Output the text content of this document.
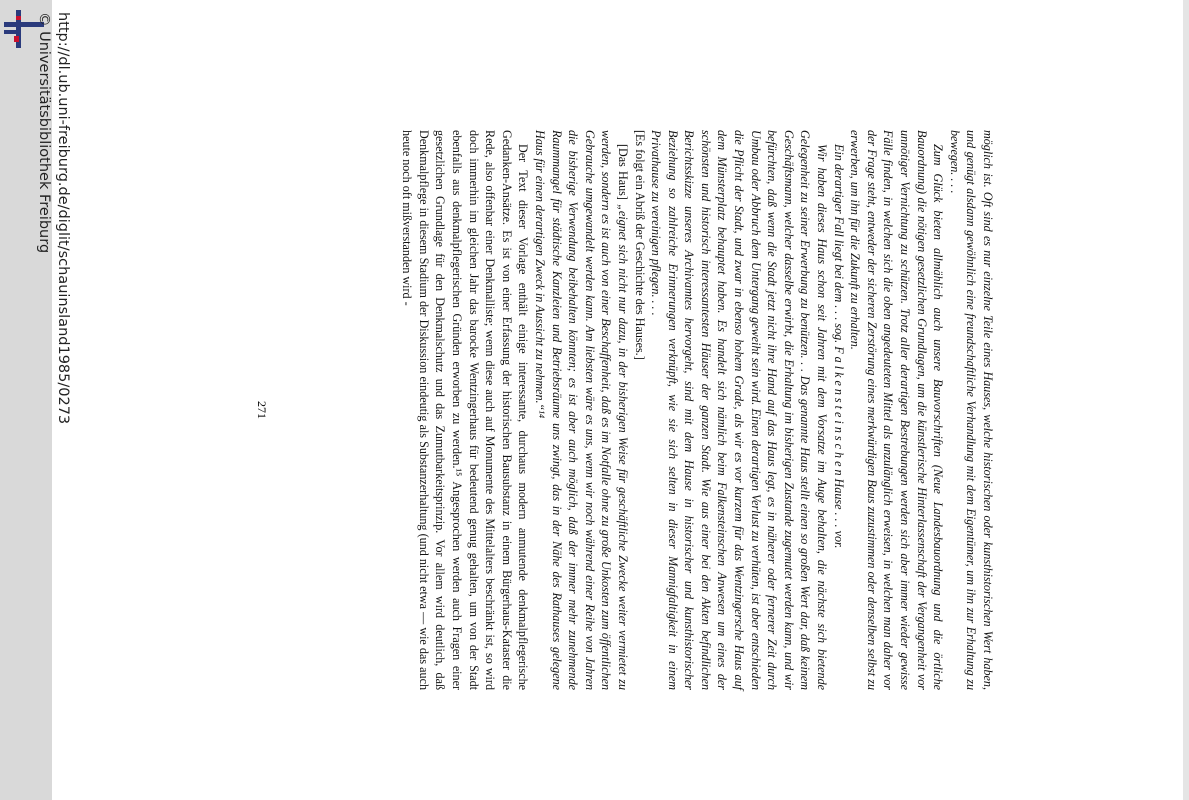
möglich ist. Oft sind es nur einzelne Teile eines Hauses, welche historischen oder kunsthistorischen Wert haben, und genügt alsdann gewöhnlich eine freundschaftliche Verhandlung mit dem Eigentümer, um ihn zur Erhaltung zu bewegen. . . .

Zum Glück bieten allmählich auch unsere Bauvorschriften (Neue Landesbauordnung und die örtliche Bauordnung) die nötigen gesetzlichen Grundlagen, um die künstlerische Hinterlassenschaft der Vergangenheit vor unnötiger Vernichtung zu schützen. Trotz aller derartigen Bestrebungen werden sich aber immer wieder gewisse Fälle finden, in welchen sich die oben angedeuteten Mittel als unzulänglich erweisen, in welchen man daher vor der Frage steht, entweder der sicheren Zerstörung eines merkwürdigen Baus zuzustimmen oder denselben selbst zu erwerben, um ihn für die Zukunft zu erhalten.

Ein derartiger Fall liegt bei dem . . . sog. F a l k e n s t e i n s c h e n Hause . . . vor.

Wir haben dieses Haus schon seit Jahren mit dem Vorsatze im Auge behalten, die nächste sich bietende Gelegenheit zu seiner Erwerbung zu benützen. . . Das genannte Haus stellt einen so großen Wert dar, daß keinem Geschäftsmann, welcher dasselbe erwirbt, die Erhaltung im bisherigen Zustande zugemutet werden kann, und wir befürchten, daß wenn die Stadt jetzt nicht ihre Hand auf das Haus legt, es in näherer oder fernerer Zeit durch Umbau oder Abbruch dem Untergang geweiht sein wird. Einen derartigen Verlust zu verhüten, ist aber entschieden die Pflicht der Stadt, und zwar in ebenso hohem Grade, als wir es vor kurzem für das Wentzingersche Haus auf dem Münsterplatz behauptet haben. Es handelt sich nämlich beim Falkensteinschen Anwesen um eines der schönsten und historisch interessantesten Häuser der ganzen Stadt. Wie aus einer bei den Akten befindlichen Berichtsskizze unseres Archivamtes hervorgeht, sind mit dem Hause in historischer und kunsthistorischer Beziehung so zahlreiche Erinnerungen verknüpft, wie sie sich selten in dieser Mannigfaltigkeit in einem Privathause zu vereinigen pflegen. . . .

[Es folgt ein Abriß der Geschichte des Hauses.]

[Das Haus] „eignet sich nicht nur dazu, in der bisherigen Weise für geschäftliche Zwecke weiter vermietet zu werden, sondern es ist auch von einer Beschaffenheit, daß es im Notfalle ohne zu große Unkosten zum öffentlichen Gebrauche umgewandelt werden kann. Am liebsten wäre es uns, wenn wir noch während einer Reihe von Jahren die bisherige Verwendung beibehalten könnten; es ist aber auch möglich, daß der immer mehr zunehmende Raummangel für städtische Kanzleien und Betriebsräume uns zwingt, das in der Nähe des Rathauses gelegene Haus für einen derartigen Zweck in Aussicht zu nehmen.“¹⁴

Der Text dieser Vorlage enthält einige interessante, durchaus modern anmutende denkmalpflegerische Gedanken-Ansätze. Es ist von einer Erfassung der historischen Bausubstanz in einem Bürgerhaus-Kataster die Rede, also offenbar einer Denkmalliste; wenn diese auch auf Monumente des Mittelalters beschränkt ist, so wird doch immerhin im gleichen Jahr das barocke Wentzingerhaus für bedeutend genug gehalten, um von der Stadt ebenfalls aus denkmalpflegerischen Gründen erworben zu werden.¹⁵ Angesprochen werden auch Fragen einer gesetzlichen Grundlage für den Denkmalschutz und das Zumutbarkeitsprinzip. Vor allem wird deutlich, daß Denkmalpflege in diesem Stadium der Diskussion eindeutig als Substanzerhaltung (und nicht etwa — wie das auch heute noch oft mißverstanden wird -

271
http://dl.ub.uni-freiburg.de/diglit/schauinsland1985/0273
© Universitätsbibliothek Freiburg
